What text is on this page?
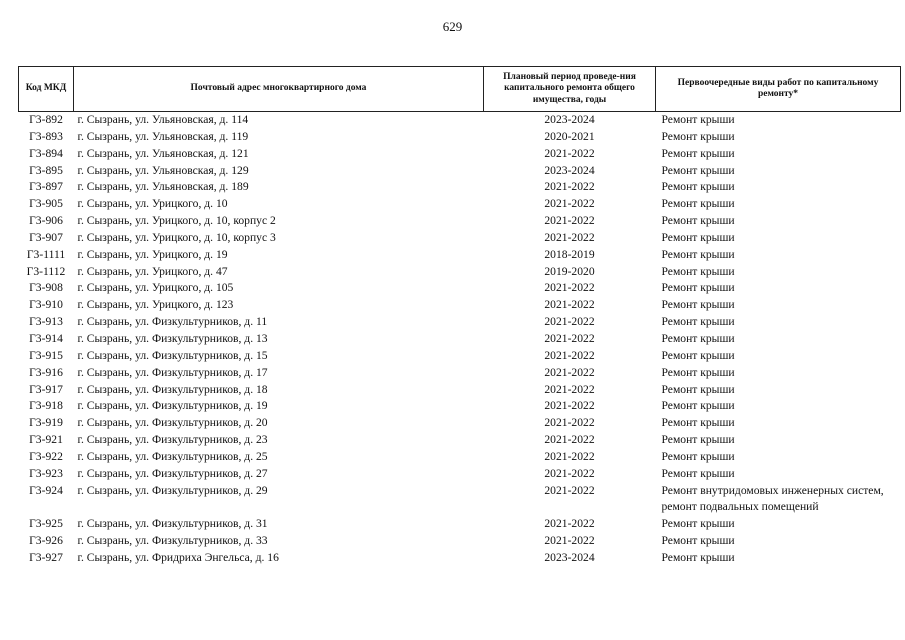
629
Код МКД	Почтовый адрес многоквартирного дома	Плановый период проведе-ния капитального ремонта общего имущества, годы	Первоочередные виды работ по капитальному ремонту*
Г3-892	г. Сызрань, ул. Ульяновская, д. 114	2023-2024	Ремонт крыши
Г3-893	г. Сызрань, ул. Ульяновская, д. 119	2020-2021	Ремонт крыши
Г3-894	г. Сызрань, ул. Ульяновская, д. 121	2021-2022	Ремонт крыши
Г3-895	г. Сызрань, ул. Ульяновская, д. 129	2023-2024	Ремонт крыши
Г3-897	г. Сызрань, ул. Ульяновская, д. 189	2021-2022	Ремонт крыши
Г3-905	г. Сызрань, ул. Урицкого, д. 10	2021-2022	Ремонт крыши
Г3-906	г. Сызрань, ул. Урицкого, д. 10, корпус 2	2021-2022	Ремонт крыши
Г3-907	г. Сызрань, ул. Урицкого, д. 10, корпус 3	2021-2022	Ремонт крыши
Г3-1111	г. Сызрань, ул. Урицкого, д. 19	2018-2019	Ремонт крыши
Г3-1112	г. Сызрань, ул. Урицкого, д. 47	2019-2020	Ремонт крыши
Г3-908	г. Сызрань, ул. Урицкого, д. 105	2021-2022	Ремонт крыши
Г3-910	г. Сызрань, ул. Урицкого, д. 123	2021-2022	Ремонт крыши
Г3-913	г. Сызрань, ул. Физкультурников, д. 11	2021-2022	Ремонт крыши
Г3-914	г. Сызрань, ул. Физкультурников, д. 13	2021-2022	Ремонт крыши
Г3-915	г. Сызрань, ул. Физкультурников, д. 15	2021-2022	Ремонт крыши
Г3-916	г. Сызрань, ул. Физкультурников, д. 17	2021-2022	Ремонт крыши
Г3-917	г. Сызрань, ул. Физкультурников, д. 18	2021-2022	Ремонт крыши
Г3-918	г. Сызрань, ул. Физкультурников, д. 19	2021-2022	Ремонт крыши
Г3-919	г. Сызрань, ул. Физкультурников, д. 20	2021-2022	Ремонт крыши
Г3-921	г. Сызрань, ул. Физкультурников, д. 23	2021-2022	Ремонт крыши
Г3-922	г. Сызрань, ул. Физкультурников, д. 25	2021-2022	Ремонт крыши
Г3-923	г. Сызрань, ул. Физкультурников, д. 27	2021-2022	Ремонт крыши
Г3-924	г. Сызрань, ул. Физкультурников, д. 29	2021-2022	Ремонт внутридомовых инженерных систем, ремонт подвальных помещений
Г3-925	г. Сызрань, ул. Физкультурников, д. 31	2021-2022	Ремонт крыши
Г3-926	г. Сызрань, ул. Физкультурников, д. 33	2021-2022	Ремонт крыши
Г3-927	г. Сызрань, ул. Фридриха Энгельса, д. 16	2023-2024	Ремонт крыши
